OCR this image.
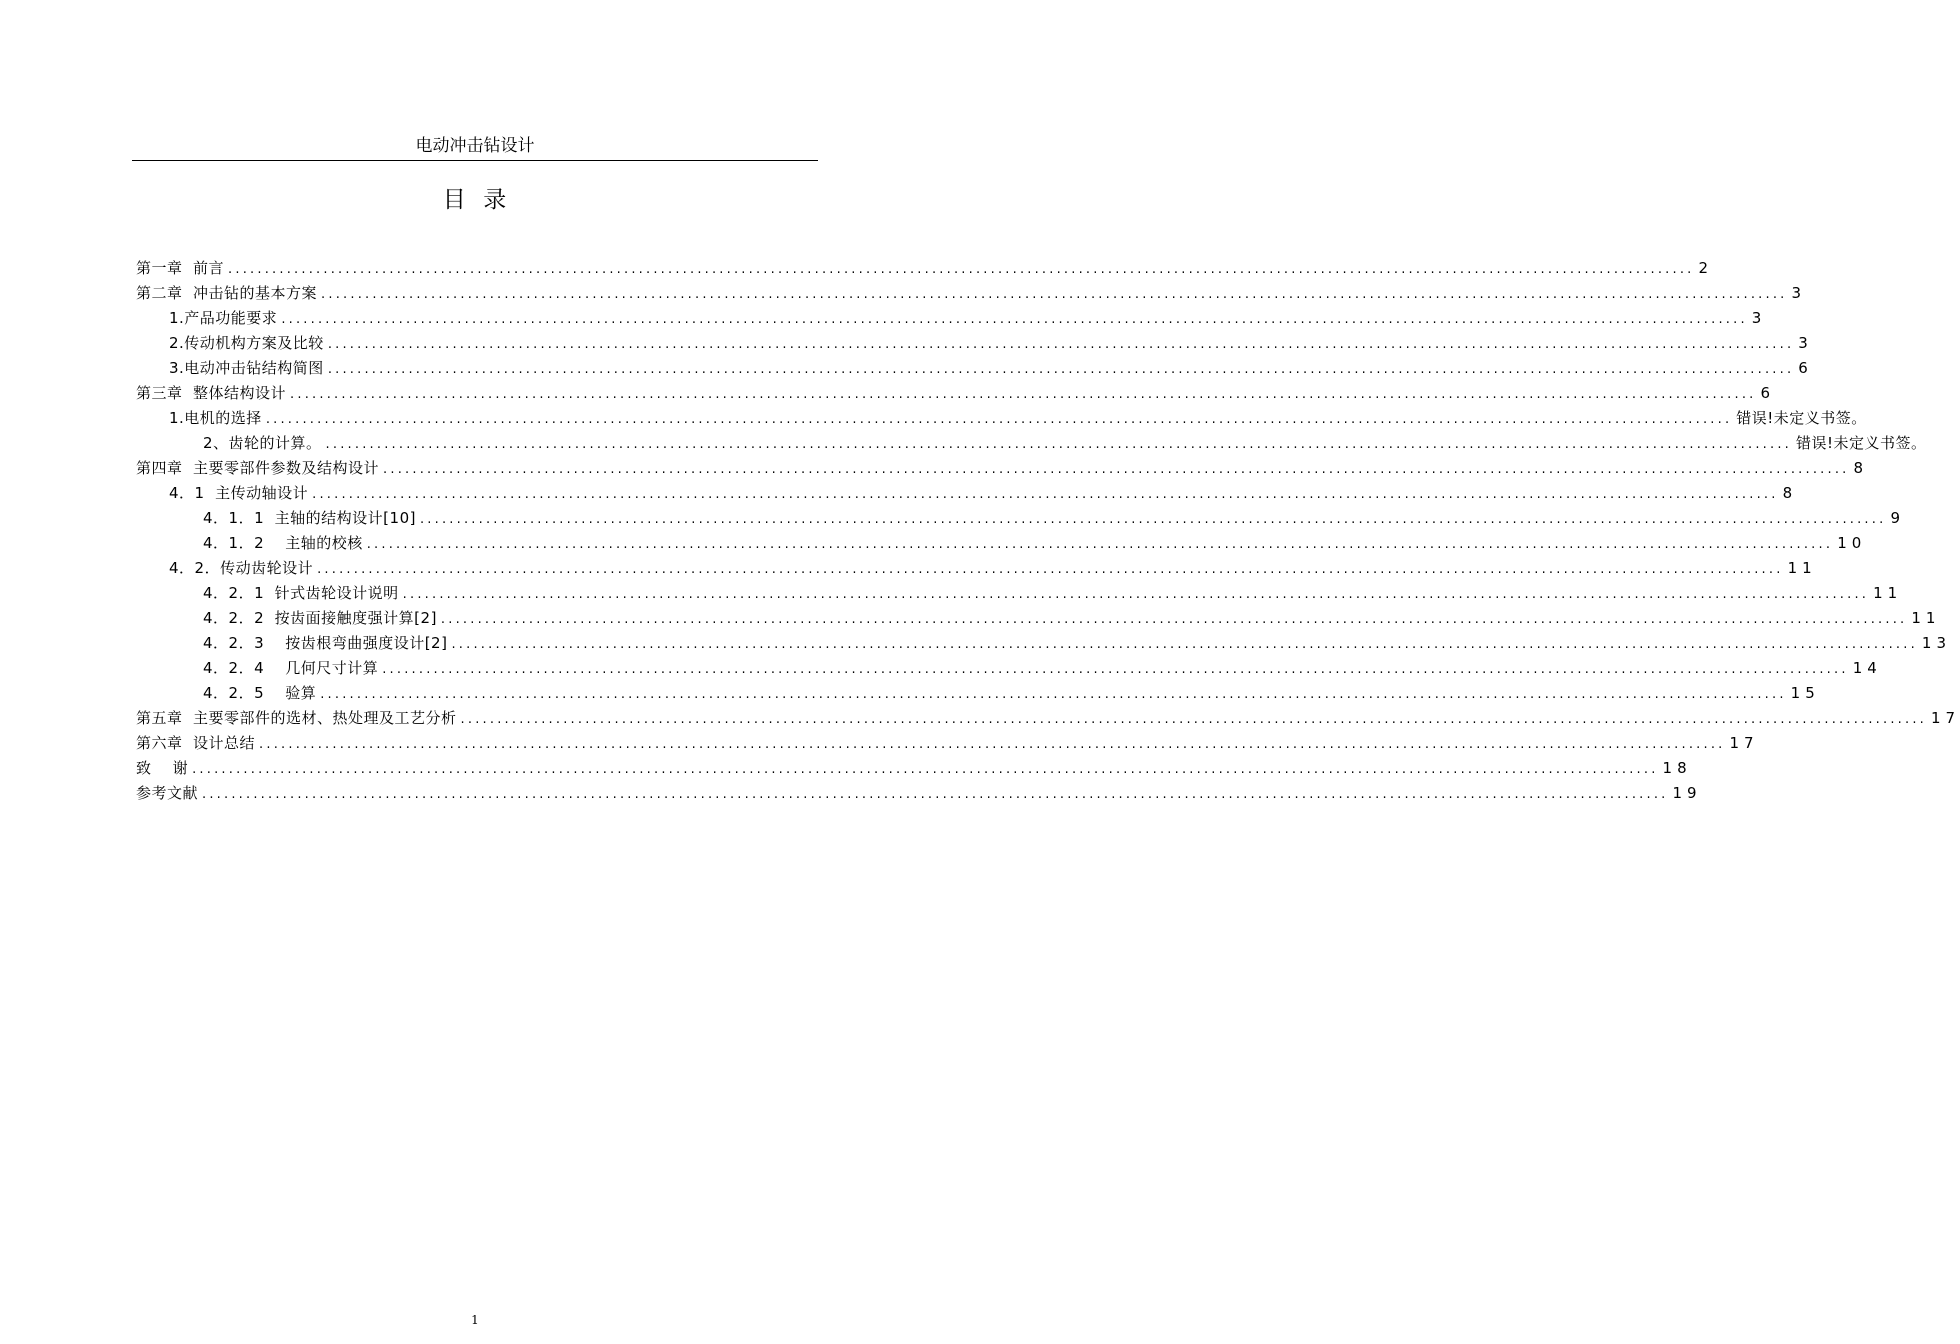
电动冲击钻设计
目  录
第一章  前言 ........................................................................................................................................................................................................ 2
第二章  冲击钻的基本方案 ........................................................................................................................................................................................................ 3
1.产品功能要求 ........................................................................................................................................................................................................ 3
2.传动机构方案及比较 ........................................................................................................................................................................................................ 3
3.电动冲击钻结构简图 ........................................................................................................................................................................................................ 6
第三章  整体结构设计 ........................................................................................................................................................................................................ 6
1.电机的选择 ........................................................................................................................................................................................................ 错误!未定义书签。
2、齿轮的计算。 ........................................................................................................................................................................................................ 错误!未定义书签。
第四章  主要零部件参数及结构设计 ........................................................................................................................................................................................................ 8
4．1  主传动轴设计 ........................................................................................................................................................................................................ 8
4．1．1  主轴的结构设计[10] ........................................................................................................................................................................................................ 9
4．1．2    主轴的校核 ........................................................................................................................................................................................................ 10
4．2．传动齿轮设计 ........................................................................................................................................................................................................ 11
4．2．1  针式齿轮设计说明 ........................................................................................................................................................................................................ 11
4．2．2  按齿面接触度强计算[2] ........................................................................................................................................................................................................ 11
4．2．3    按齿根弯曲强度设计[2] ........................................................................................................................................................................................................ 13
4．2．4    几何尺寸计算 ........................................................................................................................................................................................................ 14
4．2．5    验算 ........................................................................................................................................................................................................ 15
第五章  主要零部件的选材、热处理及工艺分析 ........................................................................................................................................................................................................ 17
第六章  设计总结 ........................................................................................................................................................................................................ 17
致    谢 ........................................................................................................................................................................................................ 18
参考文献 ........................................................................................................................................................................................................ 19
1
